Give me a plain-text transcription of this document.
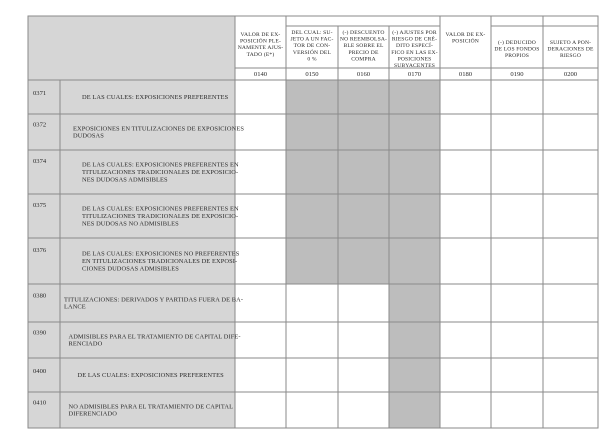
VALOR DE EX-
POSICIÓN PLE-
NAMENTE AJUS-
TADO (E*)
0140
DEL CUAL: SU-
JETO A UN FAC-
TOR DE CON-
VERSIÓN DEL
0 %
0150
(-) DESCUENTO
NO REEMBOLSA-
BLE SOBRE EL
PRECIO DE
COMPRA
0160
(-) AJUSTES POR
RIESGO DE CRÉ-
DITO ESPECÍ-
FICO EN LAS EX-
POSICIONES
SUBYACENTES
0170
VALOR DE EX-
POSICIÓN
0180
(-) DEDUCIDO
DE LOS FONDOS
PROPIOS
0190
SUJETO A PON-
DERACIONES DE
RIESGO
0200
0371
DE LAS CUALES: EXPOSICIONES PREFERENTES
0372
EXPOSICIONES EN TITULIZACIONES DE EXPOSICIONES
DUDOSAS
0374
DE LAS CUALES: EXPOSICIONES PREFERENTES EN
TITULIZACIONES TRADICIONALES DE EXPOSICIO-
NES DUDOSAS ADMISIBLES
0375
DE LAS CUALES: EXPOSICIONES PREFERENTES EN
TITULIZACIONES TRADICIONALES DE EXPOSICIO-
NES DUDOSAS NO ADMISIBLES
0376
DE LAS CUALES: EXPOSICIONES NO PREFERENTES
EN TITULIZACIONES TRADICIONALES DE EXPOSI-
CIONES DUDOSAS ADMISIBLES
0380
TITULIZACIONES: DERIVADOS Y PARTIDAS FUERA DE BA-
LANCE
0390
ADMISIBLES PARA EL TRATAMIENTO DE CAPITAL DIFE-
RENCIADO
0400
DE LAS CUALES: EXPOSICIONES PREFERENTES
0410
NO ADMISIBLES PARA EL TRATAMIENTO DE CAPITAL
DIFERENCIADO
